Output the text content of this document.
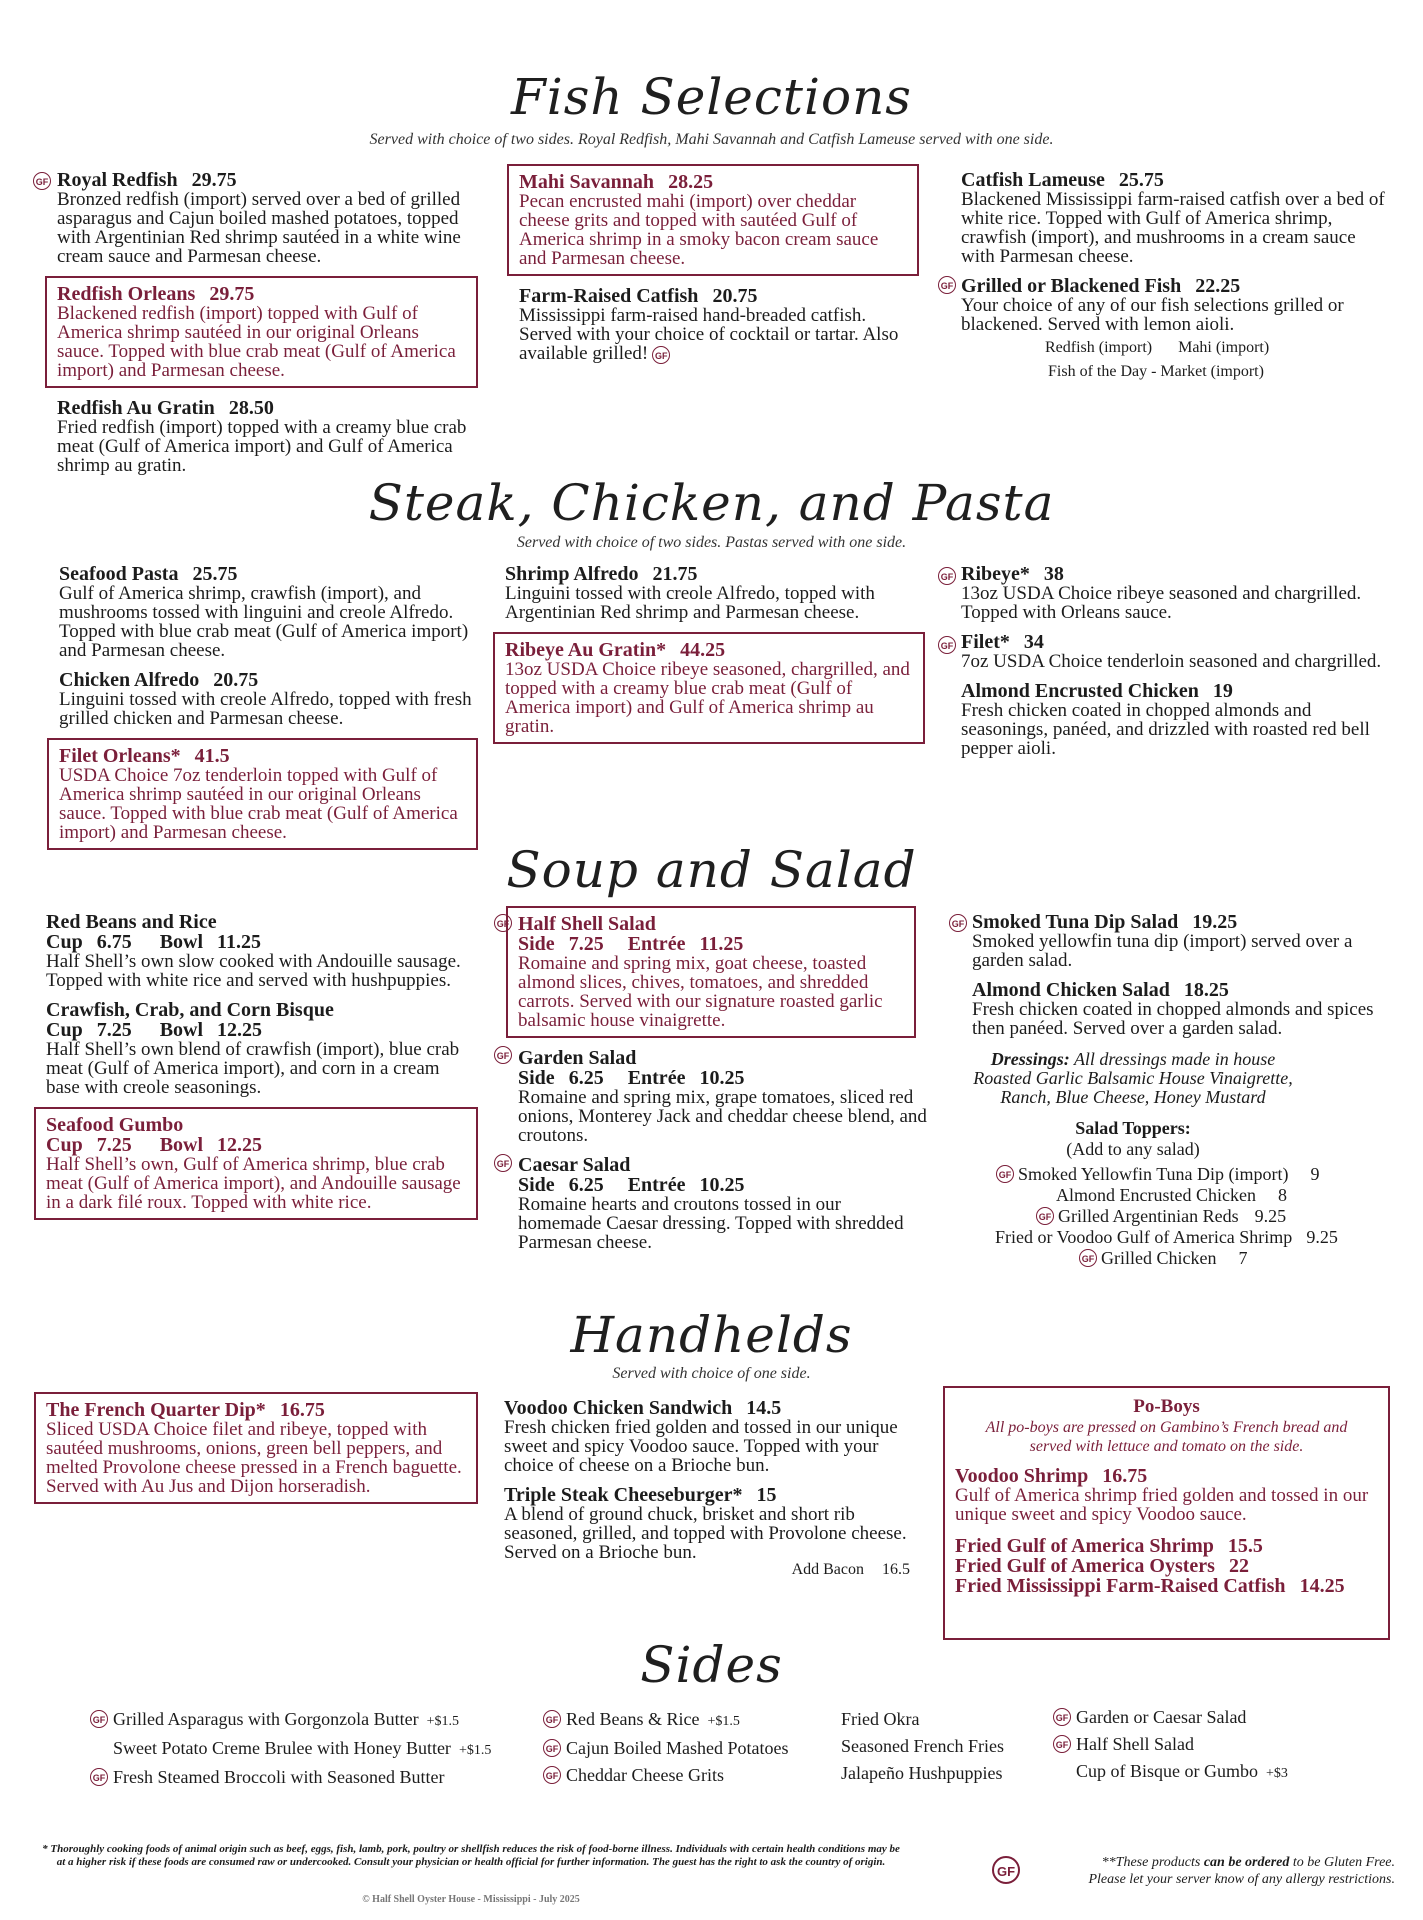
Fish Selections
Served with choice of two sides. Royal Redfish, Mahi Savannah and Catfish Lameuse served with one side.
GF Royal Redfish 29.75
Bronzed redfish (import) served over a bed of grilled asparagus and Cajun boiled mashed potatoes, topped with Argentinian Red shrimp sautéed in a white wine cream sauce and Parmesan cheese.
Redfish Orleans 29.75
Blackened redfish (import) topped with Gulf of America shrimp sautéed in our original Orleans sauce. Topped with blue crab meat (Gulf of America import) and Parmesan cheese.
Redfish Au Gratin 28.50
Fried redfish (import) topped with a creamy blue crab meat (Gulf of America import) and Gulf of America shrimp au gratin.
Mahi Savannah 28.25
Pecan encrusted mahi (import) over cheddar cheese grits and topped with sautéed Gulf of America shrimp in a smoky bacon cream sauce and Parmesan cheese.
Farm-Raised Catfish 20.75
Mississippi farm-raised hand-breaded catfish. Served with your choice of cocktail or tartar. Also available grilled! GF
GF
Catfish Lameuse 25.75
Blackened Mississippi farm-raised catfish over a bed of white rice. Topped with Gulf of America shrimp, crawfish (import), and mushrooms in a cream sauce with Parmesan cheese.
Grilled or Blackened Fish 22.25
Your choice of any of our fish selections grilled or blackened. Served with lemon aioli.
Redfish (import) Mahi (import)
Fish of the Day - Market (import)
Steak, Chicken, and Pasta
Served with choice of two sides. Pastas served with one side.
Seafood Pasta 25.75
Gulf of America shrimp, crawfish (import), and mushrooms tossed with linguini and creole Alfredo. Topped with blue crab meat (Gulf of America import) and Parmesan cheese.
Chicken Alfredo 20.75
Linguini tossed with creole Alfredo, topped with fresh grilled chicken and Parmesan cheese.
Filet Orleans* 41.5
USDA Choice 7oz tenderloin topped with Gulf of America shrimp sautéed in our original Orleans sauce. Topped with blue crab meat (Gulf of America import) and Parmesan cheese.
Shrimp Alfredo 21.75
Linguini tossed with creole Alfredo, topped with Argentinian Red shrimp and Parmesan cheese.
Ribeye Au Gratin* 44.25
13oz USDA Choice ribeye seasoned, chargrilled, and topped with a creamy blue crab meat (Gulf of America import) and Gulf of America shrimp au gratin.
GF
GF
Ribeye* 38
13oz USDA Choice ribeye seasoned and chargrilled. Topped with Orleans sauce.
Filet* 34
7oz USDA Choice tenderloin seasoned and chargrilled.
Almond Encrusted Chicken 19
Fresh chicken coated in chopped almonds and seasonings, panéed, and drizzled with roasted red bell pepper aioli.
Soup and Salad
Red Beans and Rice
Cup 6.75 Bowl 11.25
Half Shell’s own slow cooked with Andouille sausage. Topped with white rice and served with hushpuppies.
Crawfish, Crab, and Corn Bisque
Cup 7.25 Bowl 12.25
Half Shell’s own blend of crawfish (import), blue crab meat (Gulf of America import), and corn in a cream base with creole seasonings.
Seafood Gumbo
Cup 7.25 Bowl 12.25
Half Shell’s own, Gulf of America shrimp, blue crab meat (Gulf of America import), and Andouille sausage in a dark filé roux. Topped with white rice.
GF
GF
GF
Half Shell Salad
Side 7.25 Entrée 11.25
Romaine and spring mix, goat cheese, toasted almond slices, chives, tomatoes, and shredded carrots. Served with our signature roasted garlic balsamic house vinaigrette.
Garden Salad
Side 6.25 Entrée 10.25
Romaine and spring mix, grape tomatoes, sliced red onions, Monterey Jack and cheddar cheese blend, and croutons.
Caesar Salad
Side 6.25 Entrée 10.25
Romaine hearts and croutons tossed in our homemade Caesar dressing. Topped with shredded Parmesan cheese.
GF Smoked Tuna Dip Salad 19.25
Smoked yellowfin tuna dip (import) served over a garden salad.
Almond Chicken Salad 18.25
Fresh chicken coated in chopped almonds and spices then panéed. Served over a garden salad.
Dressings: All dressings made in house Roasted Garlic Balsamic House Vinaigrette, Ranch, Blue Cheese, Honey Mustard
Salad Toppers:
(Add to any salad)
GF Smoked Yellowfin Tuna Dip (import) 9
Almond Encrusted Chicken 8
GF Grilled Argentinian Reds 9.25
Fried or Voodoo Gulf of America Shrimp 9.25
GF Grilled Chicken 7
Handhelds
Served with choice of one side.
The French Quarter Dip* 16.75
Sliced USDA Choice filet and ribeye, topped with sautéed mushrooms, onions, green bell peppers, and melted Provolone cheese pressed in a French baguette. Served with Au Jus and Dijon horseradish.
Voodoo Chicken Sandwich 14.5
Fresh chicken fried golden and tossed in our unique sweet and spicy Voodoo sauce. Topped with your choice of cheese on a Brioche bun.
Triple Steak Cheeseburger* 15
A blend of ground chuck, brisket and short rib seasoned, grilled, and topped with Provolone cheese. Served on a Brioche bun.
Add Bacon 16.5
Po-Boys
All po-boys are pressed on Gambino’s French bread and served with lettuce and tomato on the side.
Voodoo Shrimp 16.75
Gulf of America shrimp fried golden and tossed in our unique sweet and spicy Voodoo sauce.
Fried Gulf of America Shrimp 15.5
Fried Gulf of America Oysters 22
Fried Mississippi Farm-Raised Catfish 14.25
Sides
GF Grilled Asparagus with Gorgonzola Butter +$1.5
Sweet Potato Creme Brulee with Honey Butter +$1.5
GF Fresh Steamed Broccoli with Seasoned Butter
GF Red Beans & Rice +$1.5
GF Cajun Boiled Mashed Potatoes
GF Cheddar Cheese Grits
Fried Okra
Seasoned French Fries
Jalapeño Hushpuppies
GF Garden or Caesar Salad
GF Half Shell Salad
Cup of Bisque or Gumbo +$3
* Thoroughly cooking foods of animal origin such as beef, eggs, fish, lamb, pork, poultry or shellfish reduces the risk of food-borne illness. Individuals with certain health conditions may be at a higher risk if these foods are consumed raw or undercooked. Consult your physician or health official for further information. The guest has the right to ask the country of origin.
© Half Shell Oyster House - Mississippi - July 2025
GF
**These products can be ordered to be Gluten Free.
Please let your server know of any allergy restrictions.
